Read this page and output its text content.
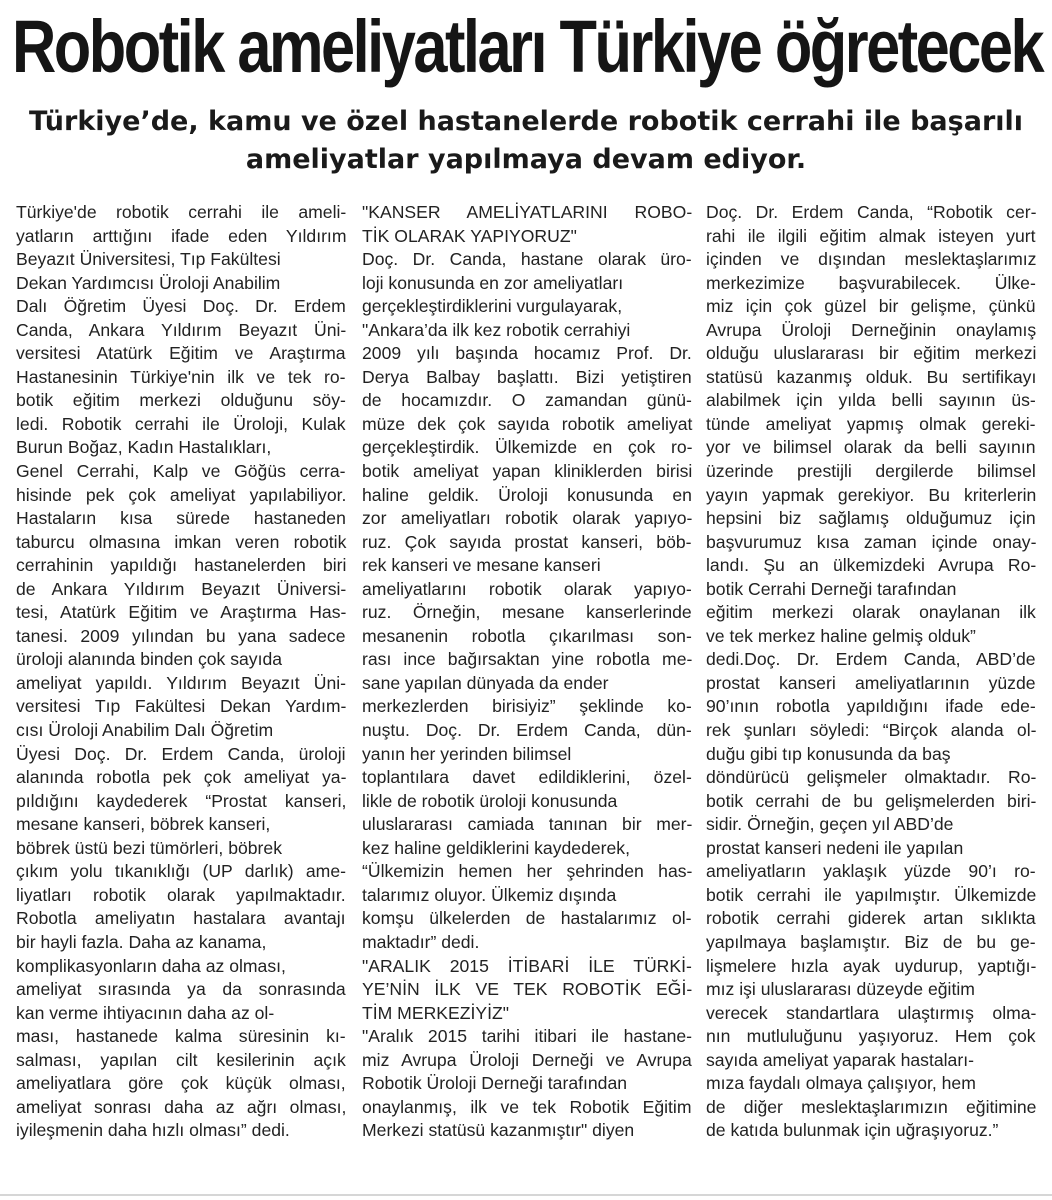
Robotik ameliyatları Türkiye öğretecek
Türkiye’de, kamu ve özel hastanelerde robotik cerrahi ile başarılı
ameliyatlar yapılmaya devam ediyor.
Türkiye'de robotik cerrahi ile ameli-
yatların arttığını ifade eden Yıldırım
Beyazıt Üniversitesi, Tıp Fakültesi
Dekan Yardımcısı Üroloji Anabilim
Dalı Öğretim Üyesi Doç. Dr. Erdem
Canda, Ankara Yıldırım Beyazıt Üni-
versitesi Atatürk Eğitim ve Araştırma
Hastanesinin Türkiye'nin ilk ve tek ro-
botik eğitim merkezi olduğunu söy-
ledi. Robotik cerrahi ile Üroloji, Kulak
Burun Boğaz, Kadın Hastalıkları,
Genel Cerrahi, Kalp ve Göğüs cerra-
hisinde pek çok ameliyat yapılabiliyor.
Hastaların kısa sürede hastaneden
taburcu olmasına imkan veren robotik
cerrahinin yapıldığı hastanelerden biri
de Ankara Yıldırım Beyazıt Üniversi-
tesi, Atatürk Eğitim ve Araştırma Has-
tanesi. 2009 yılından bu yana sadece
üroloji alanında binden çok sayıda
ameliyat yapıldı. Yıldırım Beyazıt Üni-
versitesi Tıp Fakültesi Dekan Yardım-
cısı Üroloji Anabilim Dalı Öğretim
Üyesi Doç. Dr. Erdem Canda, üroloji
alanında robotla pek çok ameliyat ya-
pıldığını kaydederek “Prostat kanseri,
mesane kanseri, böbrek kanseri,
böbrek üstü bezi tümörleri, böbrek
çıkım yolu tıkanıklığı (UP darlık) ame-
liyatları robotik olarak yapılmaktadır.
Robotla ameliyatın hastalara avantajı
bir hayli fazla. Daha az kanama,
komplikasyonların daha az olması,
ameliyat sırasında ya da sonrasında
kan verme ihtiyacının daha az ol-
ması, hastanede kalma süresinin kı-
salması, yapılan cilt kesilerinin açık
ameliyatlara göre çok küçük olması,
ameliyat sonrası daha az ağrı olması,
iyileşmenin daha hızlı olması” dedi.
"KANSER AMELİYATLARINI ROBO-
TİK OLARAK YAPIYORUZ"
Doç. Dr. Canda, hastane olarak üro-
loji konusunda en zor ameliyatları
gerçekleştirdiklerini vurgulayarak,
"Ankara’da ilk kez robotik cerrahiyi
2009 yılı başında hocamız Prof. Dr.
Derya Balbay başlattı. Bizi yetiştiren
de hocamızdır. O zamandan günü-
müze dek çok sayıda robotik ameliyat
gerçekleştirdik. Ülkemizde en çok ro-
botik ameliyat yapan kliniklerden birisi
haline geldik. Üroloji konusunda en
zor ameliyatları robotik olarak yapıyo-
ruz. Çok sayıda prostat kanseri, böb-
rek kanseri ve mesane kanseri
ameliyatlarını robotik olarak yapıyo-
ruz. Örneğin, mesane kanserlerinde
mesanenin robotla çıkarılması son-
rası ince bağırsaktan yine robotla me-
sane yapılan dünyada da ender
merkezlerden birisiyiz” şeklinde ko-
nuştu. Doç. Dr. Erdem Canda, dün-
yanın her yerinden bilimsel
toplantılara davet edildiklerini, özel-
likle de robotik üroloji konusunda
uluslararası camiada tanınan bir mer-
kez haline geldiklerini kaydederek,
“Ülkemizin hemen her şehrinden has-
talarımız oluyor. Ülkemiz dışında
komşu ülkelerden de hastalarımız ol-
maktadır” dedi.
"ARALIK 2015 İTİBARİ İLE TÜRKİ-
YE’NİN İLK VE TEK ROBOTİK EĞİ-
TİM MERKEZİYİZ"
"Aralık 2015 tarihi itibari ile hastane-
miz Avrupa Üroloji Derneği ve Avrupa
Robotik Üroloji Derneği tarafından
onaylanmış, ilk ve tek Robotik Eğitim
Merkezi statüsü kazanmıştır" diyen
Doç. Dr. Erdem Canda, “Robotik cer-
rahi ile ilgili eğitim almak isteyen yurt
içinden ve dışından meslektaşlarımız
merkezimize başvurabilecek. Ülke-
miz için çok güzel bir gelişme, çünkü
Avrupa Üroloji Derneğinin onaylamış
olduğu uluslararası bir eğitim merkezi
statüsü kazanmış olduk. Bu sertifikayı
alabilmek için yılda belli sayının üs-
tünde ameliyat yapmış olmak gereki-
yor ve bilimsel olarak da belli sayının
üzerinde prestijli dergilerde bilimsel
yayın yapmak gerekiyor. Bu kriterlerin
hepsini biz sağlamış olduğumuz için
başvurumuz kısa zaman içinde onay-
landı. Şu an ülkemizdeki Avrupa Ro-
botik Cerrahi Derneği tarafından
eğitim merkezi olarak onaylanan ilk
ve tek merkez haline gelmiş olduk”
dedi.Doç. Dr. Erdem Canda, ABD’de
prostat kanseri ameliyatlarının yüzde
90’ının robotla yapıldığını ifade ede-
rek şunları söyledi: “Birçok alanda ol-
duğu gibi tıp konusunda da baş
döndürücü gelişmeler olmaktadır. Ro-
botik cerrahi de bu gelişmelerden biri-
sidir. Örneğin, geçen yıl ABD’de
prostat kanseri nedeni ile yapılan
ameliyatların yaklaşık yüzde 90’ı ro-
botik cerrahi ile yapılmıştır. Ülkemizde
robotik cerrahi giderek artan sıklıkta
yapılmaya başlamıştır. Biz de bu ge-
lişmelere hızla ayak uydurup, yaptığı-
mız işi uluslararası düzeyde eğitim
verecek standartlara ulaştırmış olma-
nın mutluluğunu yaşıyoruz. Hem çok
sayıda ameliyat yaparak hastaları-
mıza faydalı olmaya çalışıyor, hem
de diğer meslektaşlarımızın eğitimine
de katıda bulunmak için uğraşıyoruz.”
